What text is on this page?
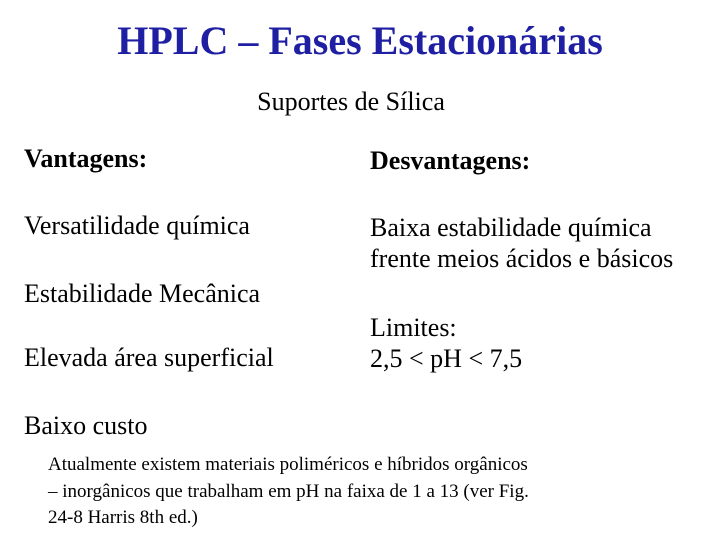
HPLC – Fases Estacionárias
Suportes de Sílica
Vantagens:	Desvantagens:
Versatilidade química
Estabilidade Mecânica
Elevada área superficial
Baixo custo
Baixa estabilidade química
frente meios ácidos e básicos
Limites:
2,5 < pH < 7,5
Atualmente existem materiais poliméricos e híbridos orgânicos
– inorgânicos que trabalham em pH na faixa de 1 a 13 (ver Fig.
24-8 Harris 8th ed.)
